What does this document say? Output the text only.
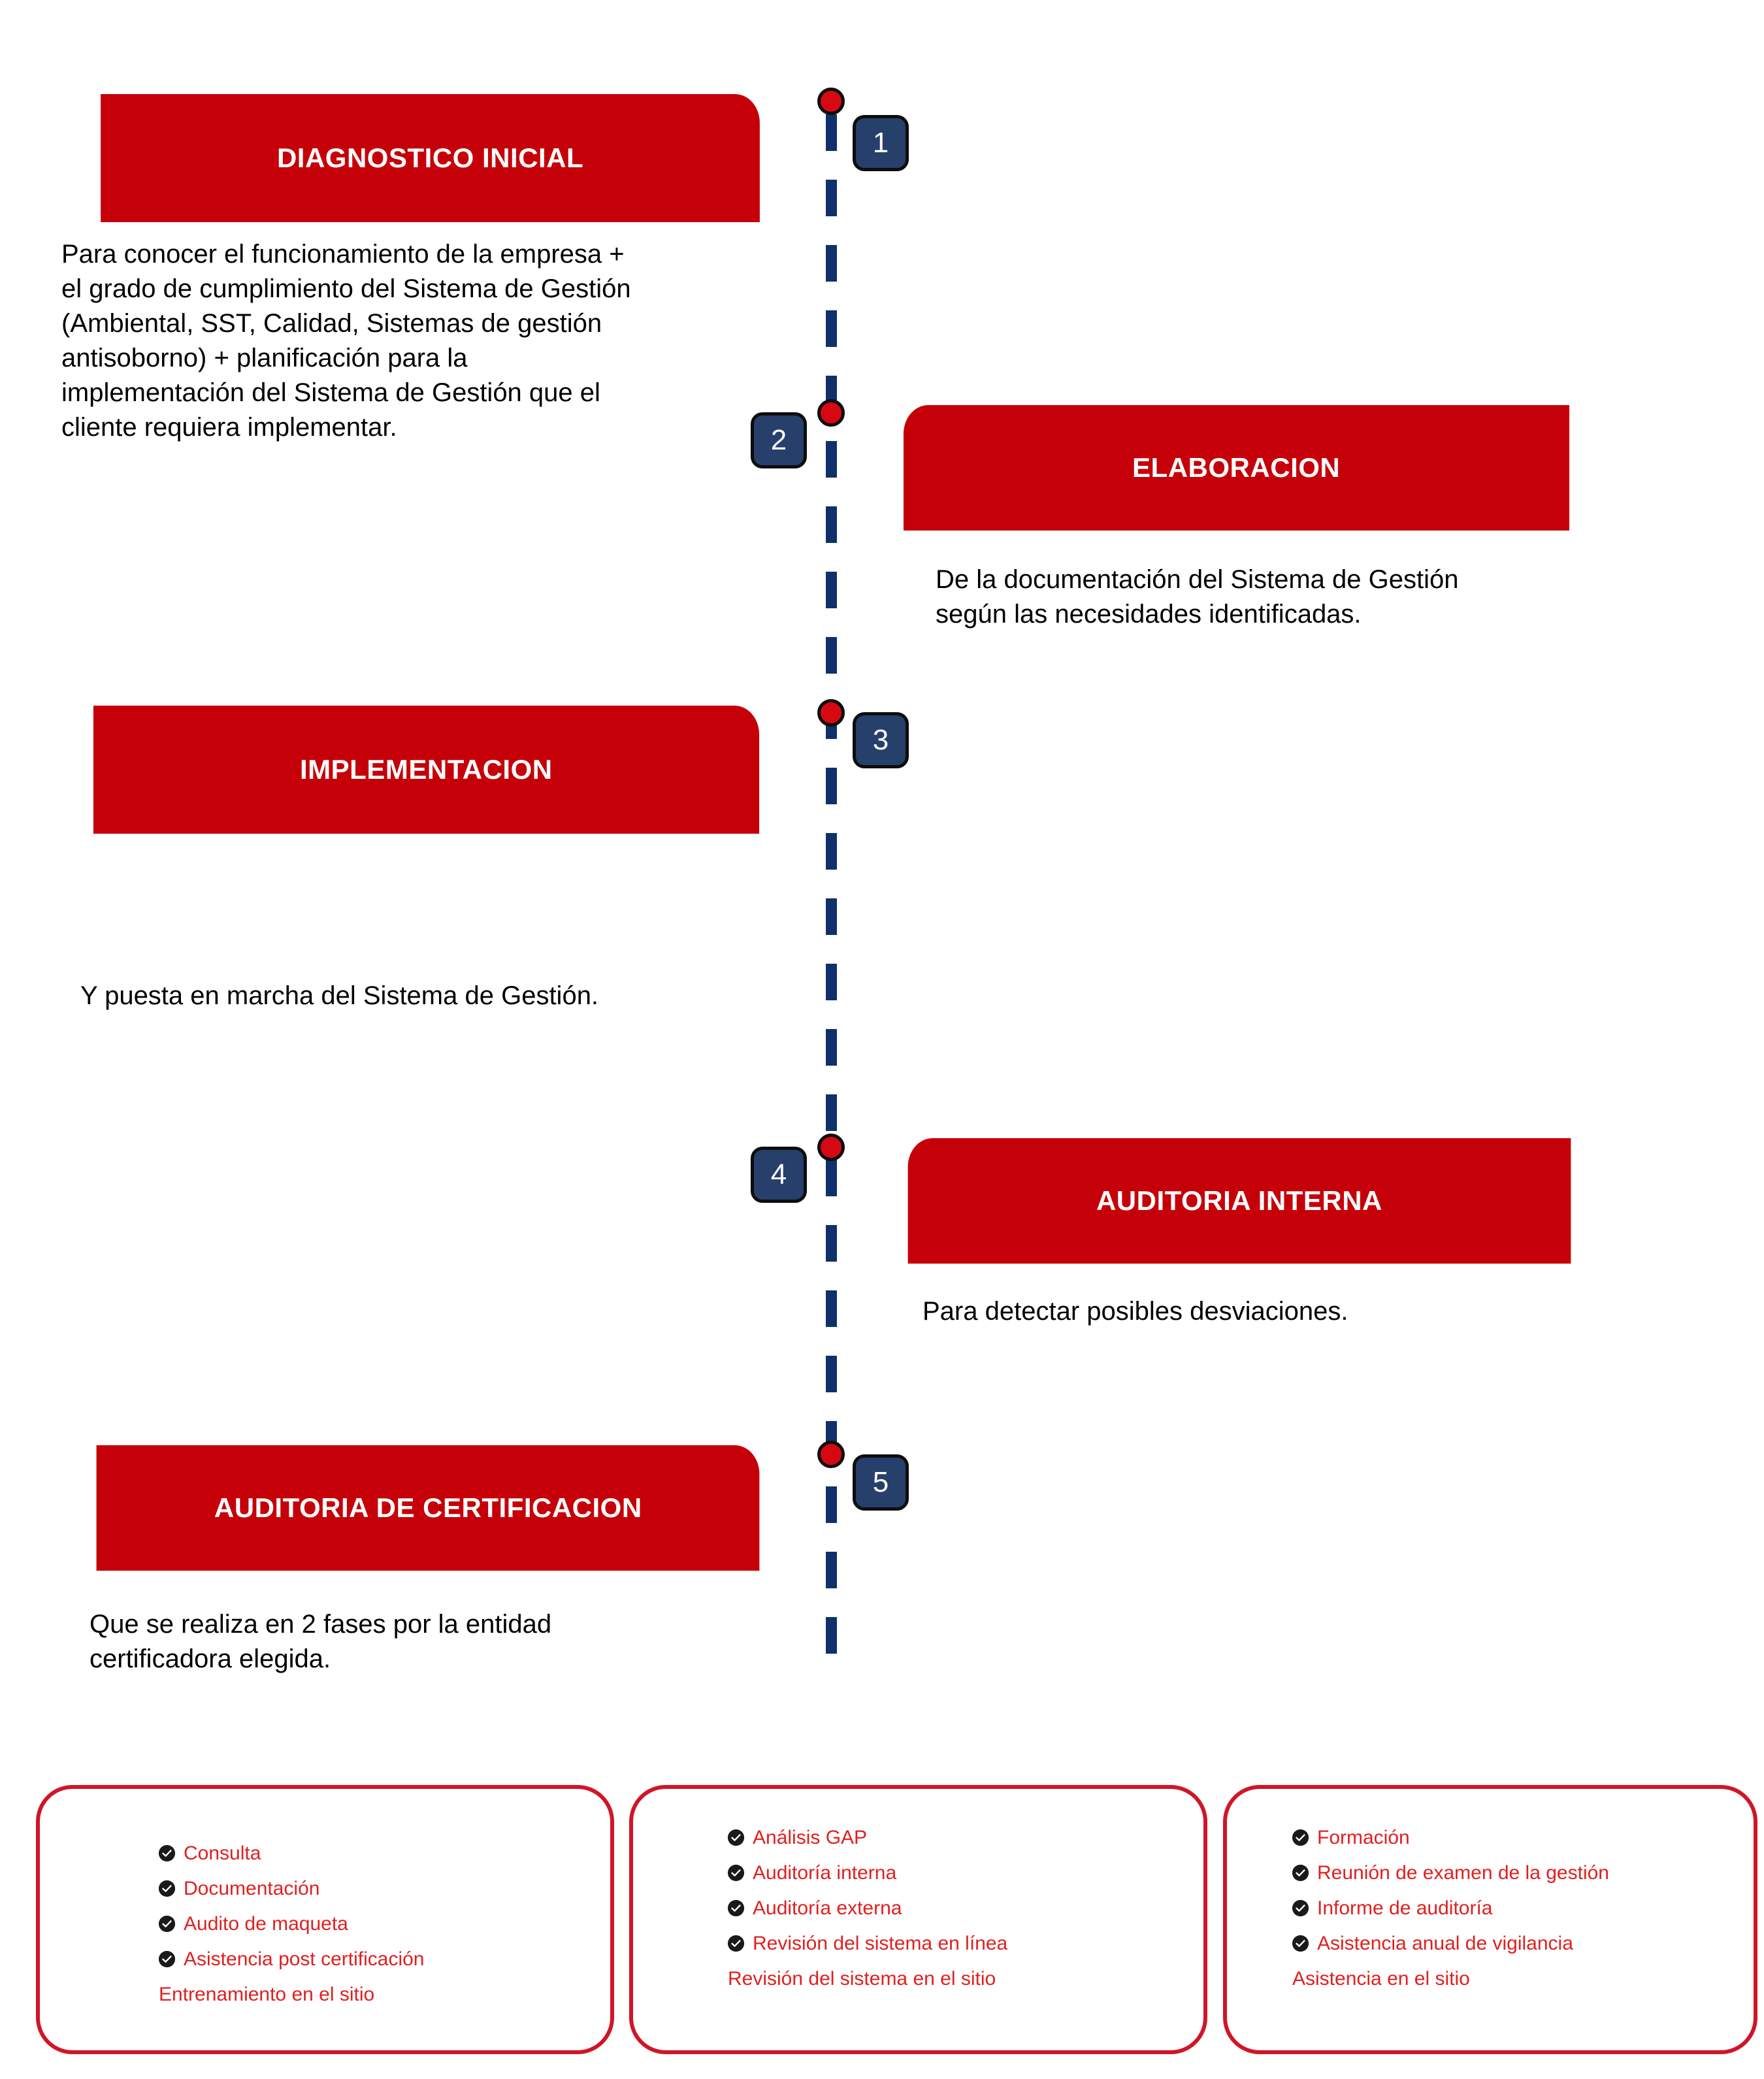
DIAGNOSTICO INICIAL	1
Para conocer el funcionamiento de la empresa +
el grado de cumplimiento del Sistema de Gestión
(Ambiental, SST, Calidad, Sistemas de gestión
antisoborno) + planificación para la
implementación del Sistema de Gestión que el
cliente requiera implementar.
ELABORACION
2
De la documentación del Sistema de Gestión
según las necesidades identificadas.
IMPLEMENTACION
3
Y puesta en marcha del Sistema de Gestión.
AUDITORIA INTERNA
4
Para detectar posibles desviaciones.
AUDITORIA DE CERTIFICACION
5
Que se realiza en 2 fases por la entidad
certificadora elegida.
Consulta
Documentación
Audito de maqueta
Asistencia post certificación
Entrenamiento en el sitio
Análisis GAP
Auditoría interna
Auditoría externa
Revisión del sistema en línea
Revisión del sistema en el sitio
Formación
Reunión de examen de la gestión
Informe de auditoría
Asistencia anual de vigilancia
Asistencia en el sitio
